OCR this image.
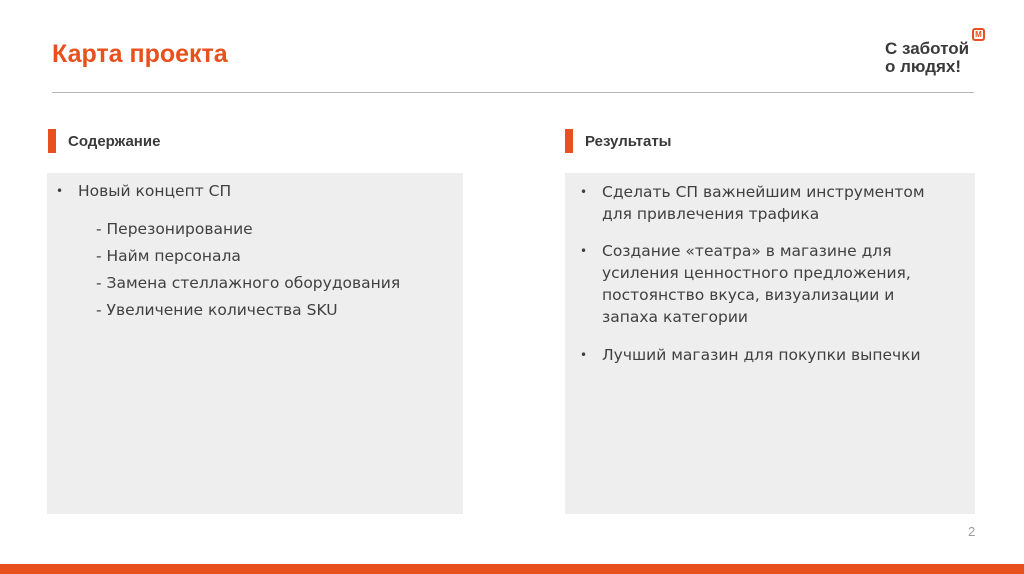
Карта проекта	С заботой
о людях!
М
Содержание	Результаты
• Новый концепт СП
- Перезонирование
- Найм персонала
- Замена стеллажного оборудования
- Увеличение количества SKU
• Сделать СП важнейшим инструментом для привлечения трафика
• Создание «театра» в магазине для усиления ценностного предложения, постоянство вкуса, визуализации и запаха категории
• Лучший магазин для покупки выпечки
2
